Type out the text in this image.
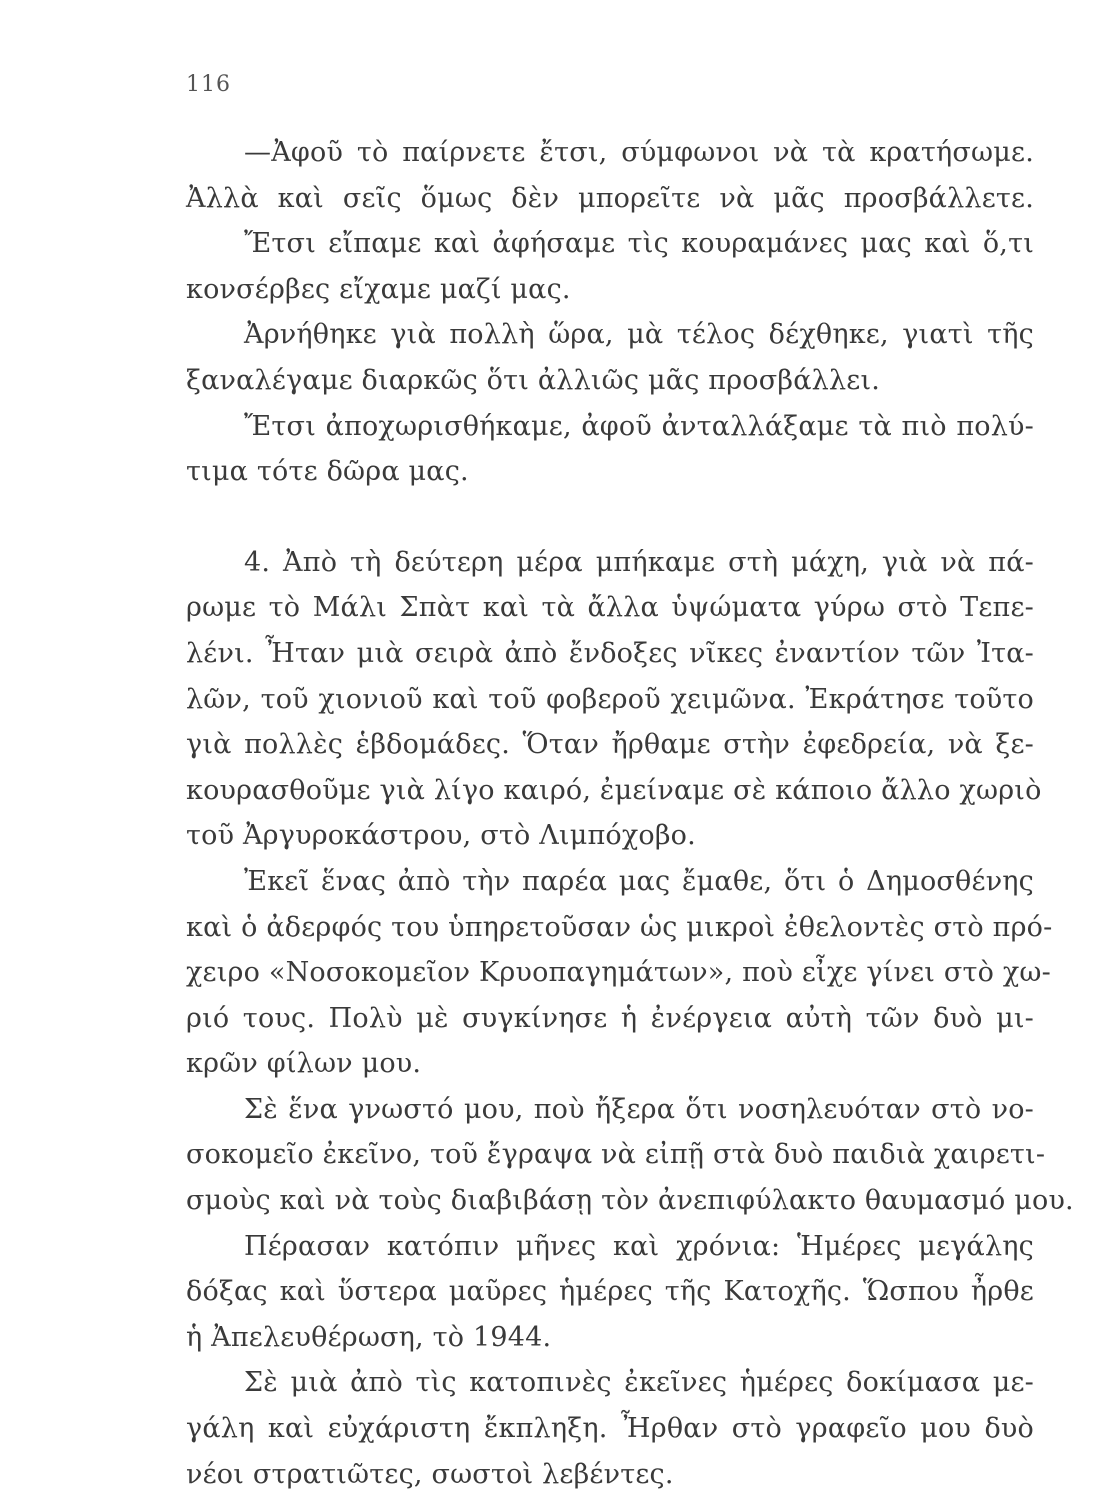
116
—Ἀφοῦ τὸ παίρνετε ἔτσι, σύμφωνοι νὰ τὰ κρατήσωμε.
Ἀλλὰ καὶ σεῖς ὅμως δὲν μπορεῖτε νὰ μᾶς προσβάλλετε.
Ἔτσι εἴπαμε καὶ ἀφήσαμε τὶς κουραμάνες μας καὶ ὅ,τι
κονσέρβες εἴχαμε μαζί μας.
Ἀρνήθηκε γιὰ πολλὴ ὥρα, μὰ τέλος δέχθηκε, γιατὶ τῆς
ξαναλέγαμε διαρκῶς ὅτι ἀλλιῶς μᾶς προσβάλλει.
Ἔτσι ἀποχωρισθήκαμε, ἀφοῦ ἀνταλλάξαμε τὰ πιὸ πολύ-
τιμα τότε δῶρα μας.
4. Ἀπὸ τὴ δεύτερη μέρα μπήκαμε στὴ μάχη, γιὰ νὰ πά-
ρωμε τὸ Μάλι Σπὰτ καὶ τὰ ἄλλα ὑψώματα γύρω στὸ Τεπε-
λένι. Ἦταν μιὰ σειρὰ ἀπὸ ἔνδοξες νῖκες ἐναντίον τῶν Ἰτα-
λῶν, τοῦ χιονιοῦ καὶ τοῦ φοβεροῦ χειμῶνα. Ἐκράτησε τοῦτο
γιὰ πολλὲς ἑβδομάδες. Ὅταν ἤρθαμε στὴν ἐφεδρεία, νὰ ξε-
κουρασθοῦμε γιὰ λίγο καιρό, ἐμείναμε σὲ κάποιο ἄλλο χωριὸ
τοῦ Ἀργυροκάστρου, στὸ Λιμπόχοβο.
Ἐκεῖ ἕνας ἀπὸ τὴν παρέα μας ἔμαθε, ὅτι ὁ Δημοσθένης
καὶ ὁ ἀδερφός του ὑπηρετοῦσαν ὡς μικροὶ ἐθελοντὲς στὸ πρό-
χειρο «Νοσοκομεῖον Κρυοπαγημάτων», ποὺ εἶχε γίνει στὸ χω-
ριό τους. Πολὺ μὲ συγκίνησε ἡ ἐνέργεια αὐτὴ τῶν δυὸ μι-
κρῶν φίλων μου.
Σὲ ἕνα γνωστό μου, ποὺ ἤξερα ὅτι νοσηλευόταν στὸ νο-
σοκομεῖο ἐκεῖνο, τοῦ ἔγραψα νὰ εἰπῇ στὰ δυὸ παιδιὰ χαιρετι-
σμοὺς καὶ νὰ τοὺς διαβιβάσῃ τὸν ἀνεπιφύλακτο θαυμασμό μου.
Πέρασαν κατόπιν μῆνες καὶ χρόνια: Ἡμέρες μεγάλης
δόξας καὶ ὕστερα μαῦρες ἡμέρες τῆς Κατοχῆς. Ὥσπου ἦρθε
ἡ Ἀπελευθέρωση, τὸ 1944.
Σὲ μιὰ ἀπὸ τὶς κατοπινὲς ἐκεῖνες ἡμέρες δοκίμασα με-
γάλη καὶ εὐχάριστη ἔκπληξη. Ἦρθαν στὸ γραφεῖο μου δυὸ
νέοι στρατιῶτες, σωστοὶ λεβέντες.
